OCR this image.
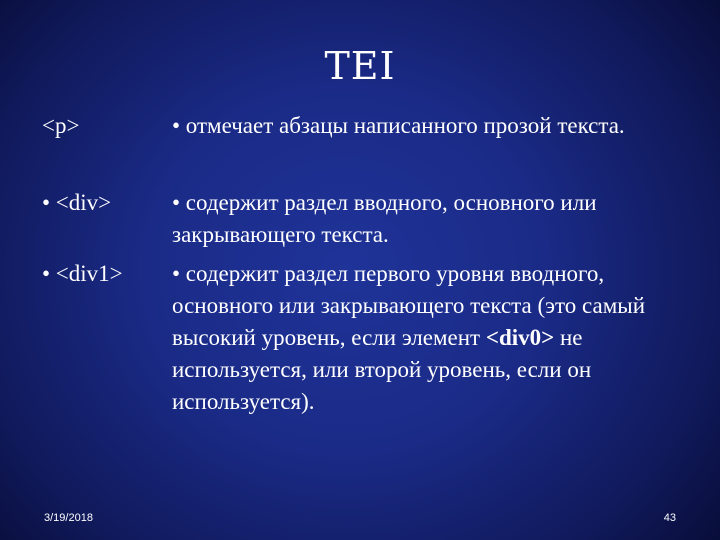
TEI
<p>	• отмечает абзацы написанного прозой текста.
• <div>	• содержит раздел вводного, основного или закрывающего текста.
• <div1> • содержит раздел первого уровня вводного, основного или закрывающего текста (это самый высокий уровень, если элемент <div0> не используется, или второй уровень, если он используется).
3/19/2018	43
